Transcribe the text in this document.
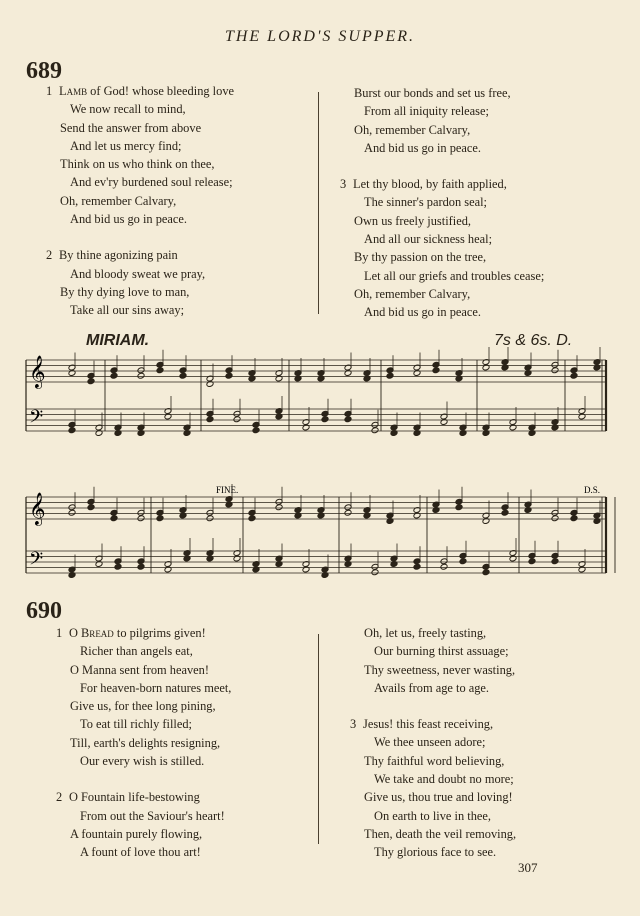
THE LORD'S SUPPER.
689
1 Lamb of God! whose bleeding love
We now recall to mind,
Send the answer from above
And let us mercy find;
Think on us who think on thee,
And ev'ry burdened soul release;
Oh, remember Calvary,
And bid us go in peace.
2 By thine agonizing pain
And bloody sweat we pray,
By thy dying love to man,
Take all our sins away;
Burst our bonds and set us free,
From all iniquity release;
Oh, remember Calvary,
And bid us go in peace.
3 Let thy blood, by faith applied,
The sinner's pardon seal;
Own us freely justified,
And all our sickness heal;
By thy passion on the tree,
Let all our griefs and troubles cease;
Oh, remember Calvary,
And bid us go in peace.
MIRIAM.	7s & 6s. D.
𝄞
𝄢
𝄞
𝄢
FINE.	D.S.
690
1 O Bread to pilgrims given!
Richer than angels eat,
O Manna sent from heaven!
For heaven-born natures meet,
Give us, for thee long pining,
To eat till richly filled;
Till, earth's delights resigning,
Our every wish is stilled.
2 O Fountain life-bestowing
From out the Saviour's heart!
A fountain purely flowing,
A fount of love thou art!
Oh, let us, freely tasting,
Our burning thirst assuage;
Thy sweetness, never wasting,
Avails from age to age.
3 Jesus! this feast receiving,
We thee unseen adore;
Thy faithful word believing,
We take and doubt no more;
Give us, thou true and loving!
On earth to live in thee,
Then, death the veil removing,
Thy glorious face to see.
307
